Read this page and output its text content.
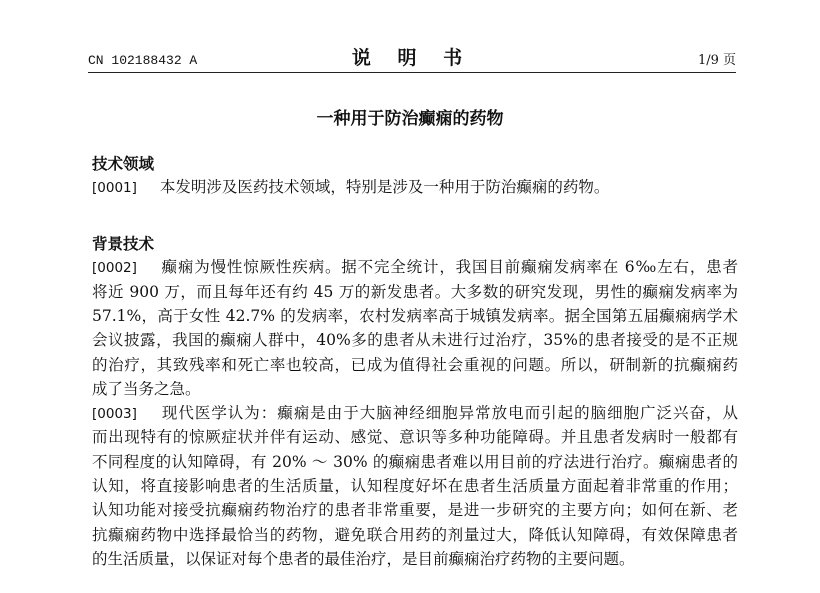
CN 102188432 A	说 明 书	1/9 页
一种用于防治癫痫的药物
技术领域
[0001] 本发明涉及医药技术领域，特别是涉及一种用于防治癫痫的药物。
背景技术
[0002] 癫痫为慢性惊厥性疾病。据不完全统计，我国目前癫痫发病率在 6‰左右，患者
将近 900 万，而且每年还有约 45 万的新发患者。大多数的研究发现，男性的癫痫发病率为
57.1%，高于女性 42.7% 的发病率，农村发病率高于城镇发病率。据全国第五届癫痫病学术
会议披露，我国的癫痫人群中，40%多的患者从未进行过治疗，35%的患者接受的是不正规
的治疗，其致残率和死亡率也较高，已成为值得社会重视的问题。所以，研制新的抗癫痫药
成了当务之急。
[0003] 现代医学认为：癫痫是由于大脑神经细胞异常放电而引起的脑细胞广泛兴奋，从
而出现特有的惊厥症状并伴有运动、感觉、意识等多种功能障碍。并且患者发病时一般都有
不同程度的认知障碍，有 20% ～ 30% 的癫痫患者难以用目前的疗法进行治疗。癫痫患者的
认知，将直接影响患者的生活质量，认知程度好坏在患者生活质量方面起着非常重的作用；
认知功能对接受抗癫痫药物治疗的患者非常重要，是进一步研究的主要方向；如何在新、老
抗癫痫药物中选择最恰当的药物，避免联合用药的剂量过大，降低认知障碍，有效保障患者
的生活质量，以保证对每个患者的最佳治疗，是目前癫痫治疗药物的主要问题。
